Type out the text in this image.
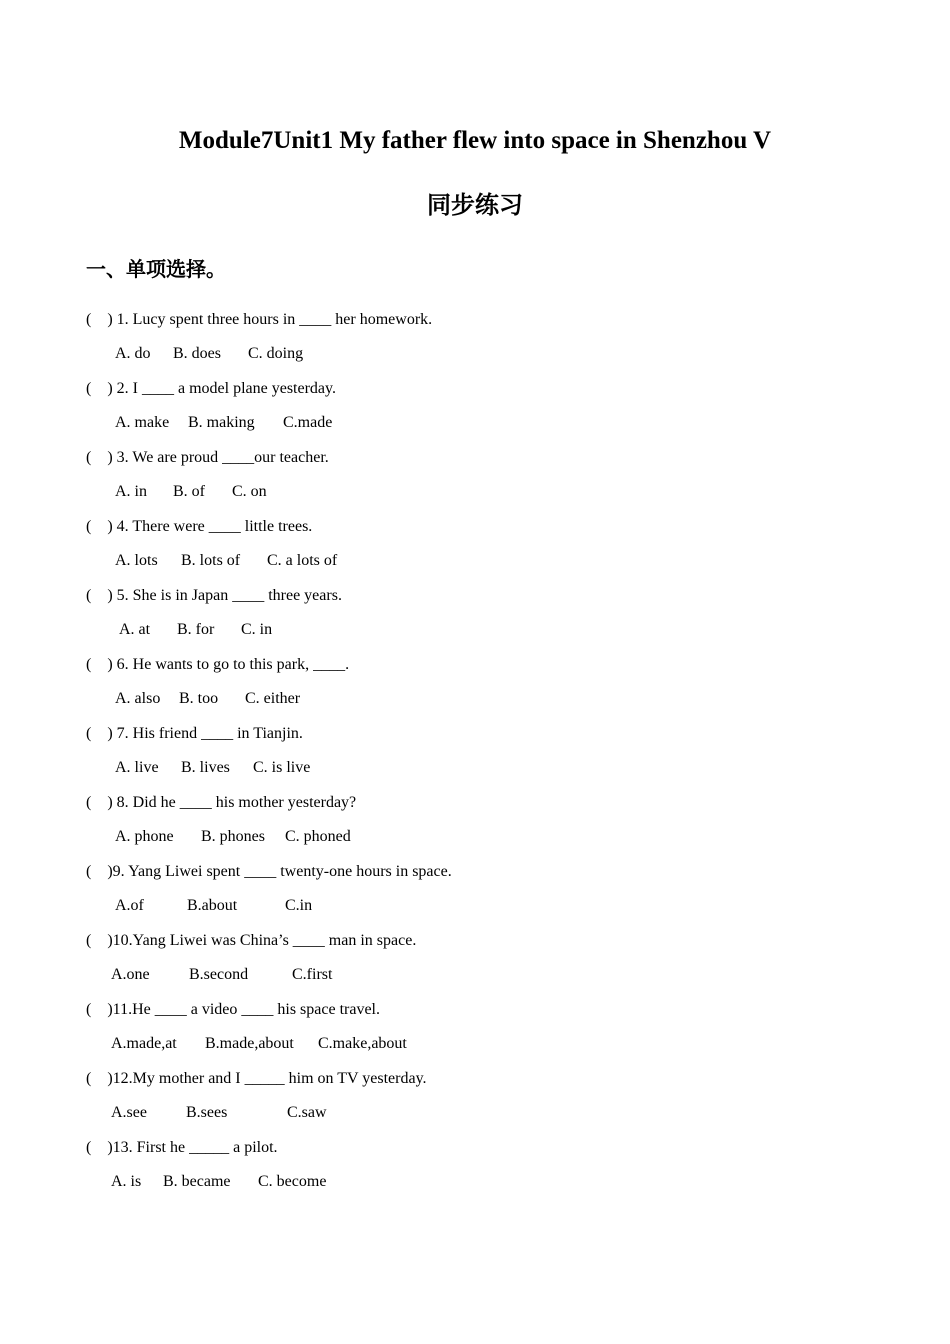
Module7Unit1 My father flew into space in Shenzhou V
同步练习
一、单项选择。
(    ) 1. Lucy spent three hours in ____ her homework.

A. do

B. does

C. doing

(    ) 2. I ____ a model plane yesterday.

A. make

B. making

C.made

(    ) 3. We are proud ____our teacher.

A. in

B. of

C. on

(    ) 4. There were ____ little trees.

A. lots

B. lots of

C. a lots of

(    ) 5. She is in Japan ____ three years.

A. at

B. for

C. in

(    ) 6. He wants to go to this park, ____.

A. also

B. too

C. either

(    ) 7. His friend ____ in Tianjin.

A. live

B. lives

C. is live

(    ) 8. Did he ____ his mother yesterday?

A. phone

B. phones

C. phoned

(    )9. Yang Liwei spent ____ twenty-one hours in space.

A.of

	B.about

	C.in

(    )10.Yang Liwei was China’s ____ man in space.

A.one

B.second

	C.first

(    )11.He ____ a video ____ his space travel.

A.made,at

B.made,about

C.make,about

(    )12.My mother and I _____ him on TV yesterday.

A.see

B.sees

	C.saw

(    )13. First he _____ a pilot.

A. is

B. became

C. become
